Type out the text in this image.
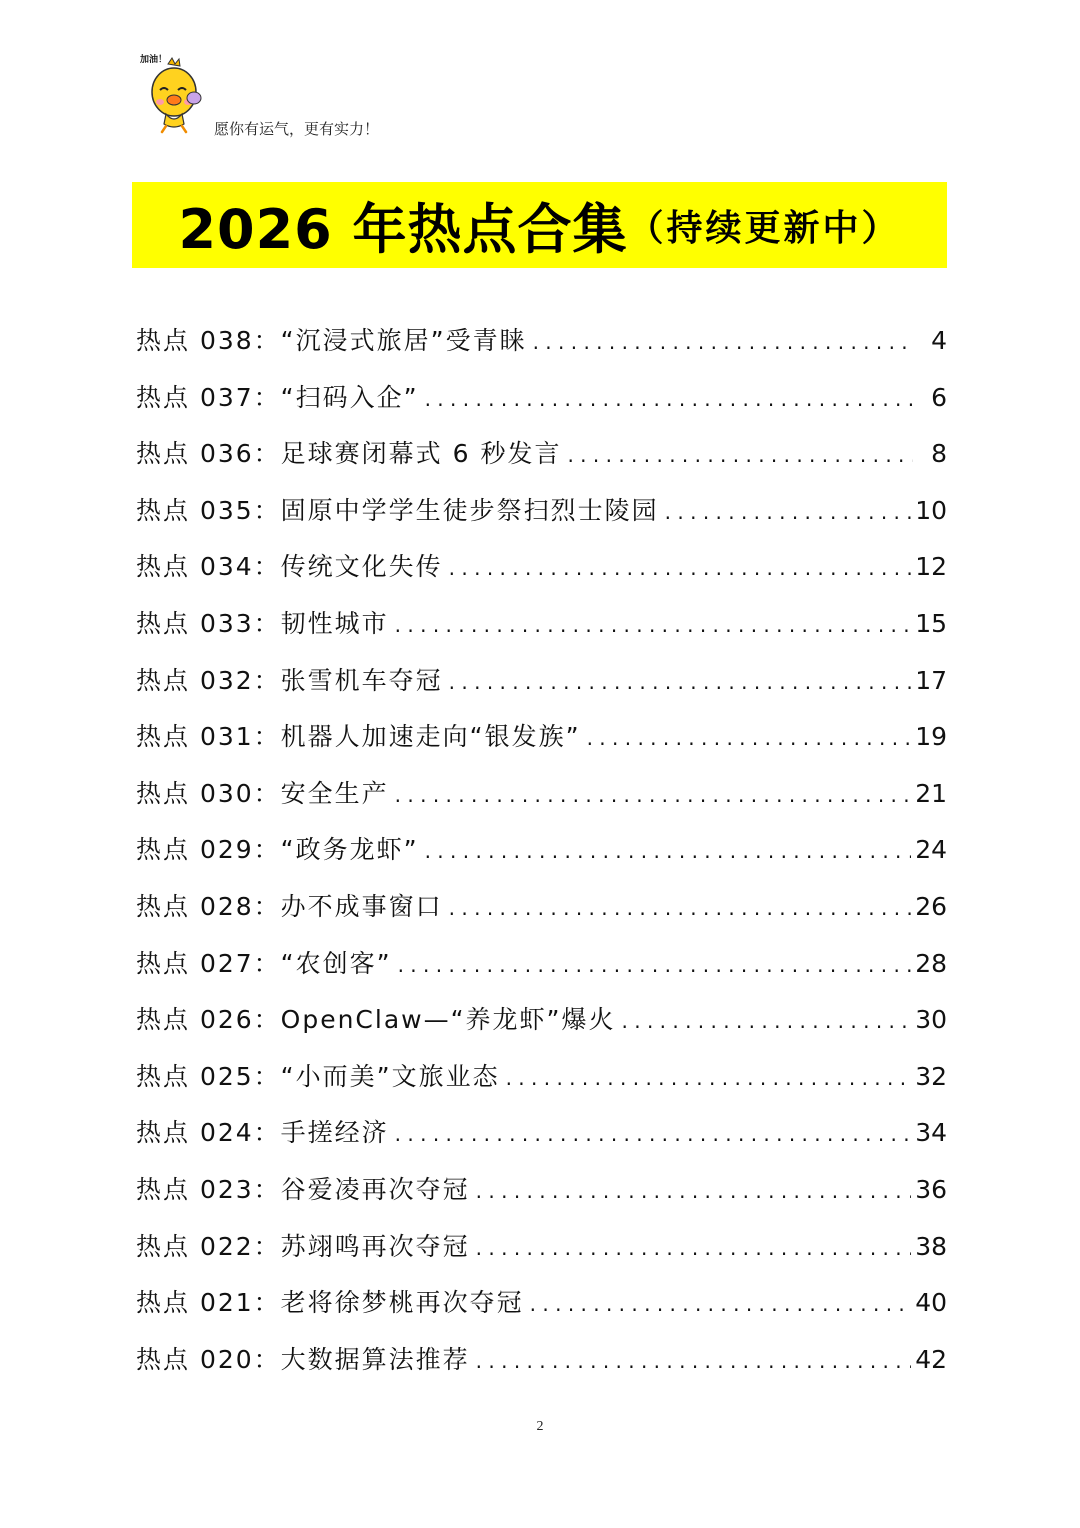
加油！
愿你有运气，更有实力！
2026 年热点合集 （持续更新中）
热点 038：“沉浸式旅居”受青睐 . . .	4
热点 037：“扫码入企” . . .	6
热点 036：足球赛闭幕式 6 秒发言 . . .	8
热点 035：固原中学学生徒步祭扫烈士陵园 . . .	10
热点 034：传统文化失传 . . .	12
热点 033：韧性城市 . . .	15
热点 032：张雪机车夺冠 . . .	17
热点 031：机器人加速走向“银发族” . . .	19
热点 030：安全生产 . . .	21
热点 029：“政务龙虾” . . .	24
热点 028：办不成事窗口 . . .	26
热点 027：“农创客” . . .	28
热点 026：OpenClaw—“养龙虾”爆火 . . .	30
热点 025：“小而美”文旅业态 . . .	32
热点 024：手搓经济 . . .	34
热点 023：谷爱凌再次夺冠 . . .	36
热点 022：苏翊鸣再次夺冠 . . .	38
热点 021：老将徐梦桃再次夺冠 . . .	40
热点 020：大数据算法推荐 . . .	42
2
